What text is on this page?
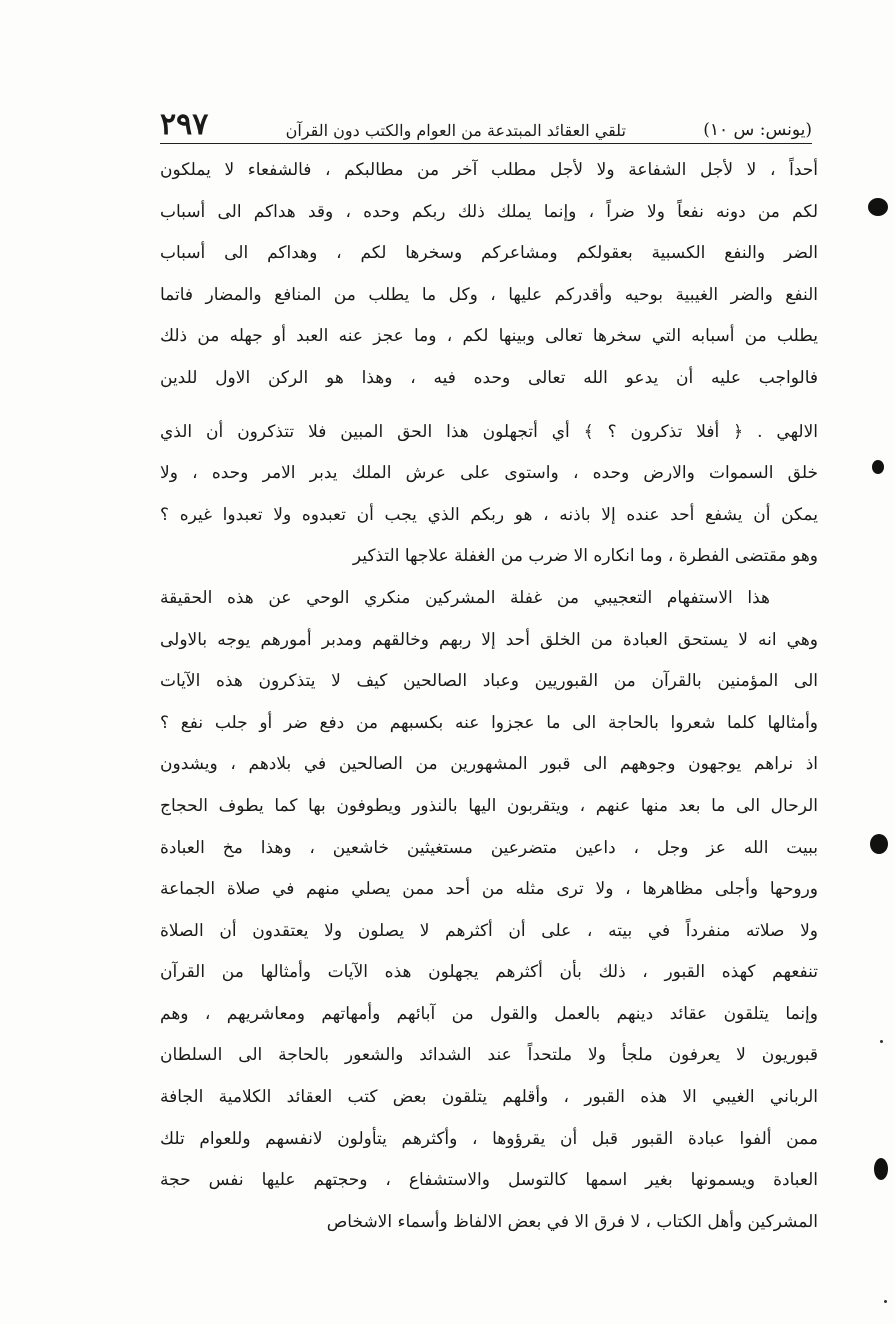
(يونس: س ١٠)
تلقي العقائد المبتدعة من العوام والكتب دون القرآن
٢٩٧
أحداً ، لا لأجل الشفاعة ولا لأجل مطلب آخر من مطالبكم ، فالشفعاء لا يملكون
لكم من دونه نفعاً ولا ضراً ، وإنما يملك ذلك ربكم وحده ، وقد هداكم الى أسباب
الضر والنفع الكسبية بعقولكم ومشاعركم وسخرها لكم ، وهداكم الى أسباب
النفع والضر الغيبية بوحيه وأقدركم عليها ، وكل ما يطلب من المنافع والمضار فاتما
يطلب من أسبابه التي سخرها تعالى وبينها لكم ، وما عجز عنه العبد أو جهله من ذلك
فالواجب عليه أن يدعو الله تعالى وحده فيه ، وهذا هو الركن الاول للدين
الالهي . ﴿ أفلا تذكرون ؟ ﴾ أي أتجهلون هذا الحق المبين فلا تتذكرون أن الذي
خلق السموات والارض وحده ، واستوى على عرش الملك يدبر الامر وحده ، ولا
يمكن أن يشفع أحد عنده إلا باذنه ، هو ربكم الذي يجب أن تعبدوه ولا تعبدوا غيره ؟
وهو مقتضى الفطرة ، وما انكاره الا ضرب من الغفلة علاجها التذكير
هذا الاستفهام التعجيبي من غفلة المشركين منكري الوحي عن هذه الحقيقة
وهي انه لا يستحق العبادة من الخلق أحد إلا ربهم وخالقهم ومدبر أمورهم يوجه بالاولى
الى المؤمنين بالقرآن من القبوريين وعباد الصالحين كيف لا يتذكرون هذه الآيات
وأمثالها كلما شعروا بالحاجة الى ما عجزوا عنه بكسبهم من دفع ضر أو جلب نفع ؟
اذ نراهم يوجهون وجوههم الى قبور المشهورين من الصالحين في بلادهم ، ويشدون
الرحال الى ما بعد منها عنهم ، ويتقربون اليها بالنذور ويطوفون بها كما يطوف الحجاج
ببيت الله عز وجل ، داعين متضرعين مستغيثين خاشعين ، وهذا مخ العبادة
وروحها وأجلى مظاهرها ، ولا ترى مثله من أحد ممن يصلي منهم في صلاة الجماعة
ولا صلاته منفرداً في بيته ، على أن أكثرهم لا يصلون ولا يعتقدون أن الصلاة
تنفعهم كهذه القبور ، ذلك بأن أكثرهم يجهلون هذه الآيات وأمثالها من القرآن
وإنما يتلقون عقائد دينهم بالعمل والقول من آبائهم وأمهاتهم ومعاشريهم ، وهم
قبوريون لا يعرفون ملجأ ولا ملتحداً عند الشدائد والشعور بالحاجة الى السلطان
الرباني الغيبي الا هذه القبور ، وأقلهم يتلقون بعض كتب العقائد الكلامية الجافة
ممن ألفوا عبادة القبور قبل أن يقرؤوها ، وأكثرهم يتأولون لانفسهم وللعوام تلك
العبادة ويسمونها بغير اسمها كالتوسل والاستشفاع ، وحجتهم عليها نفس حجة
المشركين وأهل الكتاب ، لا فرق الا في بعض الالفاظ وأسماء الاشخاص
